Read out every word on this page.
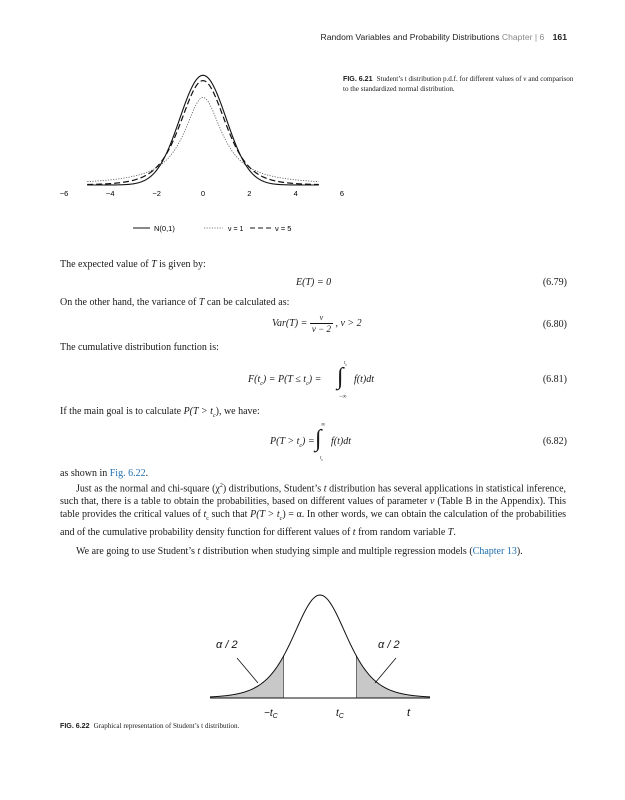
Random Variables and Probability Distributions Chapter | 6 161
−6	−4	−2	0	2	4	6
N(0,1)	ν = 1	ν = 5
FIG. 6.21 Student’s t distribution p.d.f. for different values of ν and comparison to the standardized normal distribution.
The expected value of T is given by:
E(T) = 0	(6.79)
On the other hand, the variance of T can be calculated as:
$Var(T) = \frac{\nu}{\nu - 2}$ , ν > 2	(6.80)
The cumulative distribution function is:
$F(t_c) = P(T \le t_c)$ =
$t_c$
∫
−∞
f(t)dt	(6.81)
If the main goal is to calculate $P(T > t_c)$, we have:
$P(T > t_c)$ =
∞
∫
$t_c$
f(t)dt	(6.82)
as shown in Fig. 6.22.
Just as the normal and chi-square $(\chi^2)$ distributions, Student’s t distribution has several applications in statistical inference, such that, there is a table to obtain the probabilities, based on different values of parameter ν (Table B in the Appendix). This table provides the critical values of $t_c$ such that $P(T > t_c) = \alpha$. In other words, we can obtain the calculation of the probabilities and of the cumulative probability density function for different values of t from random variable T.
We are going to use Student’s t distribution when studying simple and multiple regression models (Chapter 13).
α / 2	α / 2
$-t_C$	$t_C$	t
FIG. 6.22 Graphical representation of Student’s t distribution.
